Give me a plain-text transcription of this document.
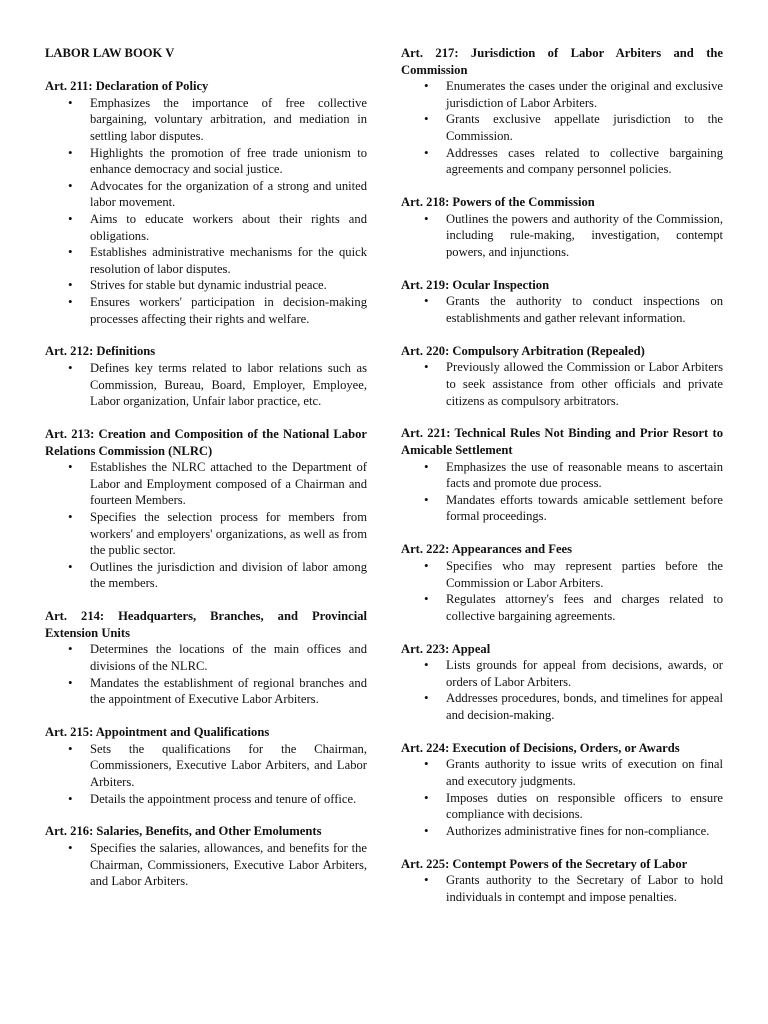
LABOR LAW BOOK V
Art. 211: Declaration of Policy
• Emphasizes the importance of free collective bargaining, voluntary arbitration, and mediation in settling labor disputes.
• Highlights the promotion of free trade unionism to enhance democracy and social justice.
• Advocates for the organization of a strong and united labor movement.
• Aims to educate workers about their rights and obligations.
• Establishes administrative mechanisms for the quick resolution of labor disputes.
• Strives for stable but dynamic industrial peace.
• Ensures workers' participation in decision-making processes affecting their rights and welfare.
Art. 212: Definitions
• Defines key terms related to labor relations such as Commission, Bureau, Board, Employer, Employee, Labor organization, Unfair labor practice, etc.
Art. 213: Creation and Composition of the National Labor Relations Commission (NLRC)
• Establishes the NLRC attached to the Department of Labor and Employment composed of a Chairman and fourteen Members.
• Specifies the selection process for members from workers' and employers' organizations, as well as from the public sector.
• Outlines the jurisdiction and division of labor among the members.
Art. 214: Headquarters, Branches, and Provincial Extension Units
• Determines the locations of the main offices and divisions of the NLRC.
• Mandates the establishment of regional branches and the appointment of Executive Labor Arbiters.
Art. 215: Appointment and Qualifications
• Sets the qualifications for the Chairman, Commissioners, Executive Labor Arbiters, and Labor Arbiters.
• Details the appointment process and tenure of office.
Art. 216: Salaries, Benefits, and Other Emoluments
• Specifies the salaries, allowances, and benefits for the Chairman, Commissioners, Executive Labor Arbiters, and Labor Arbiters.
Art. 217: Jurisdiction of Labor Arbiters and the Commission
• Enumerates the cases under the original and exclusive jurisdiction of Labor Arbiters.
• Grants exclusive appellate jurisdiction to the Commission.
• Addresses cases related to collective bargaining agreements and company personnel policies.
Art. 218: Powers of the Commission
• Outlines the powers and authority of the Commission, including rule-making, investigation, contempt powers, and injunctions.
Art. 219: Ocular Inspection
• Grants the authority to conduct inspections on establishments and gather relevant information.
Art. 220: Compulsory Arbitration (Repealed)
• Previously allowed the Commission or Labor Arbiters to seek assistance from other officials and private citizens as compulsory arbitrators.
Art. 221: Technical Rules Not Binding and Prior Resort to Amicable Settlement
• Emphasizes the use of reasonable means to ascertain facts and promote due process.
• Mandates efforts towards amicable settlement before formal proceedings.
Art. 222: Appearances and Fees
• Specifies who may represent parties before the Commission or Labor Arbiters.
• Regulates attorney's fees and charges related to collective bargaining agreements.
Art. 223: Appeal
• Lists grounds for appeal from decisions, awards, or orders of Labor Arbiters.
• Addresses procedures, bonds, and timelines for appeal and decision-making.
Art. 224: Execution of Decisions, Orders, or Awards
• Grants authority to issue writs of execution on final and executory judgments.
• Imposes duties on responsible officers to ensure compliance with decisions.
• Authorizes administrative fines for non-compliance.
Art. 225: Contempt Powers of the Secretary of Labor
• Grants authority to the Secretary of Labor to hold individuals in contempt and impose penalties.
